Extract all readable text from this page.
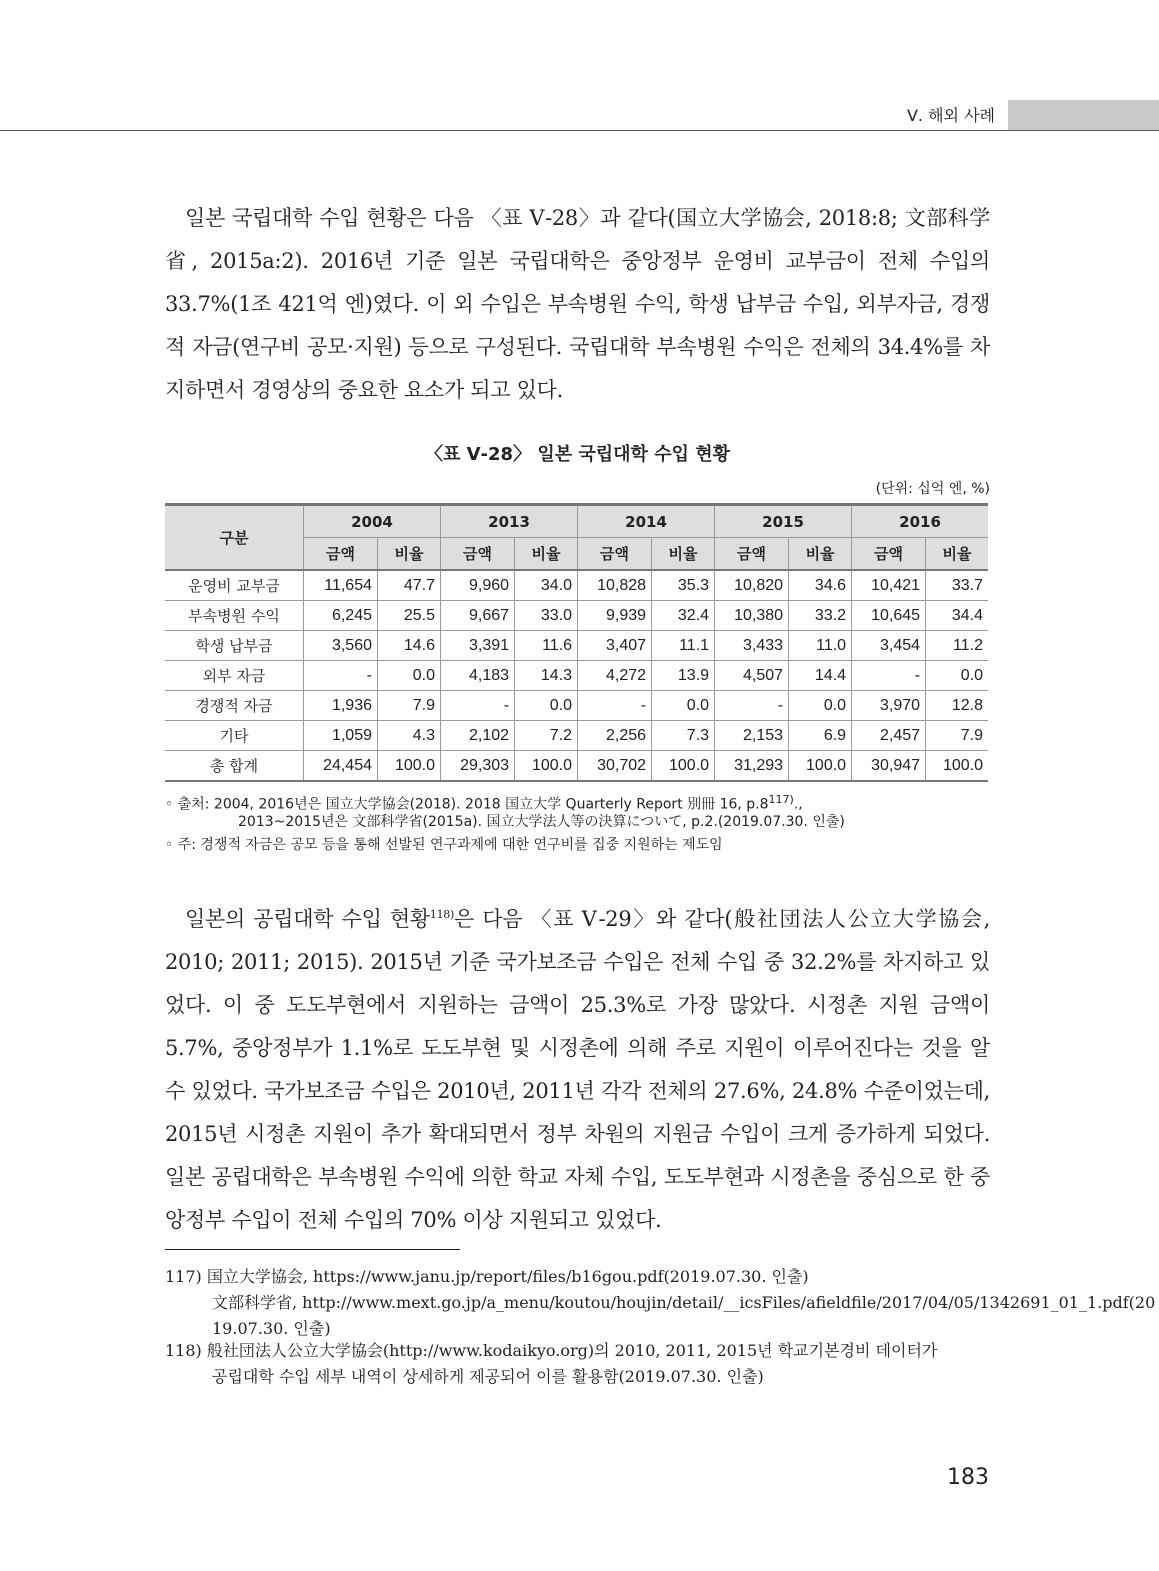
Ⅴ. 해외 사례
일본 국립대학 수입 현황은 다음 〈표 Ⅴ-28〉과 같다(国立大学協会, 2018:8; 文部科学省, 2015a:2). 2016년 기준 일본 국립대학은 중앙정부 운영비 교부금이 전체 수입의 33.7%(1조 421억 엔)였다. 이 외 수입은 부속병원 수익, 학생 납부금 수입, 외부자금, 경쟁적 자금(연구비 공모·지원) 등으로 구성된다. 국립대학 부속병원 수익은 전체의 34.4%를 차지하면서 경영상의 중요한 요소가 되고 있다.
〈표 Ⅴ-28〉 일본 국립대학 수입 현황
(단위: 십억 엔, %)
구분	2004		2013		2014		2015		2016	
	금액	비율	금액	비율	금액	비율	금액	비율	금액	비율
운영비 교부금	11,654	47.7	9,960	34.0	10,828	35.3	10,820	34.6	10,421	33.7
부속병원 수익	6,245	25.5	9,667	33.0	9,939	32.4	10,380	33.2	10,645	34.4
학생 납부금	3,560	14.6	3,391	11.6	3,407	11.1	3,433	11.0	3,454	11.2
외부 자금	-	0.0	4,183	14.3	4,272	13.9	4,507	14.4	-	0.0
경쟁적 자금	1,936	7.9	-	0.0	-	0.0	-	0.0	3,970	12.8
기타	1,059	4.3	2,102	7.2	2,256	7.3	2,153	6.9	2,457	7.9
총 합계	24,454	100.0	29,303	100.0	30,702	100.0	31,293	100.0	30,947	100.0
◦ 출처: 2004, 2016년은 国立大学協会(2018). 2018 国立大学 Quarterly Report 別冊 16, p.8$^{117)}$.,
2013~2015년은 文部科学省(2015a). 国立大学法人等の決算について, p.2.(2019.07.30. 인출)
◦ 주: 경쟁적 자금은 공모 등을 통해 선발된 연구과제에 대한 연구비를 집중 지원하는 제도임
일본의 공립대학 수입 현황$^{118)}$은 다음 〈표 Ⅴ-29〉와 같다(般社団法人公立大学協会, 2010; 2011; 2015). 2015년 기준 국가보조금 수입은 전체 수입 중 32.2%를 차지하고 있었다. 이 중 도도부현에서 지원하는 금액이 25.3%로 가장 많았다. 시정촌 지원 금액이 5.7%, 중앙정부가 1.1%로 도도부현 및 시정촌에 의해 주로 지원이 이루어진다는 것을 알 수 있었다. 국가보조금 수입은 2010년, 2011년 각각 전체의 27.6%, 24.8% 수준이었는데, 2015년 시정촌 지원이 추가 확대되면서 정부 차원의 지원금 수입이 크게 증가하게 되었다. 일본 공립대학은 부속병원 수익에 의한 학교 자체 수입, 도도부현과 시정촌을 중심으로 한 중앙정부 수입이 전체 수입의 70% 이상 지원되고 있었다.
117) 国立大学協会, https://www.janu.jp/report/files/b16gou.pdf(2019.07.30. 인출)
文部科学省, http://www.mext.go.jp/a_menu/koutou/houjin/detail/__icsFiles/afieldfile/2017/04/05/1342691_01_1.pdf(2019.07.30. 인출)
118) 般社団法人公立大学協会(http://www.kodaikyo.org)의 2010, 2011, 2015년 학교기본경비 데이터가
공립대학 수입 세부 내역이 상세하게 제공되어 이를 활용함(2019.07.30. 인출)
183
